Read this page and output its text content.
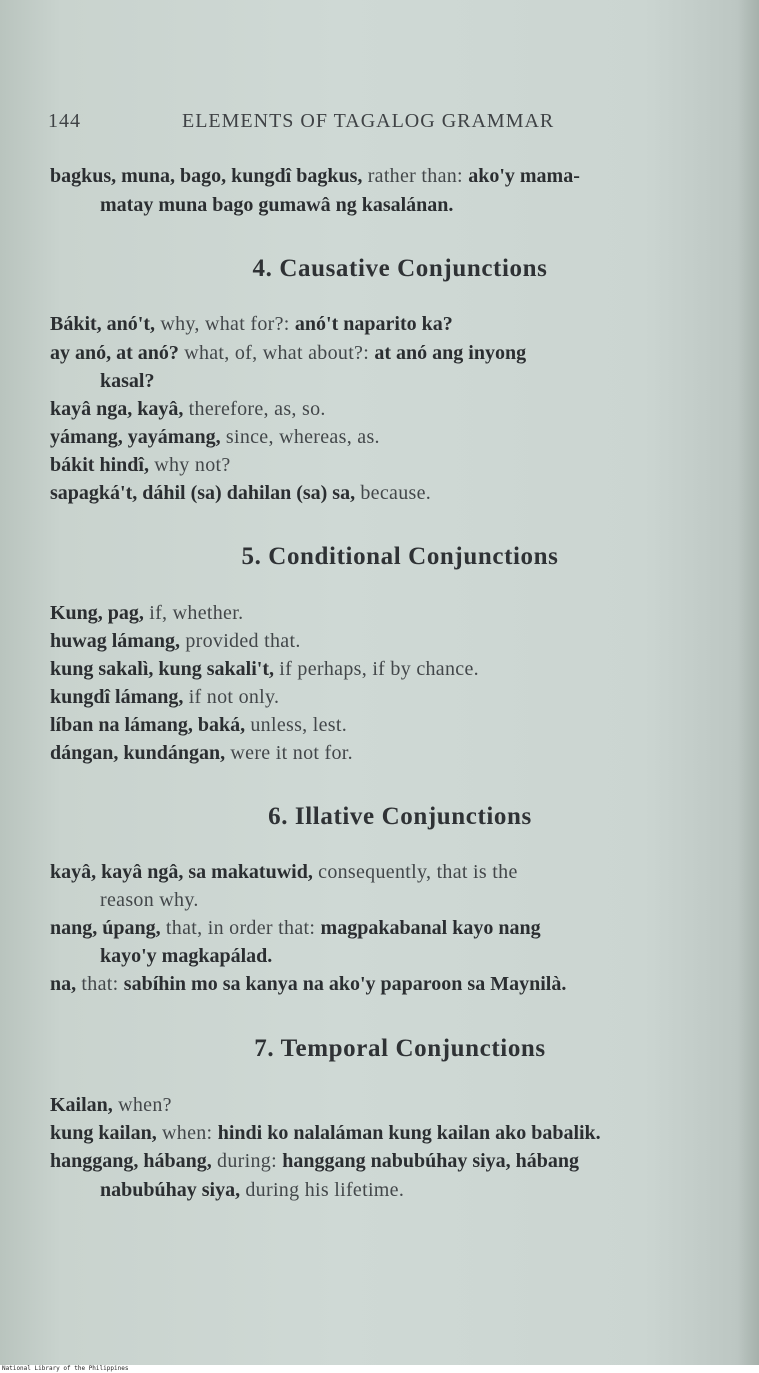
144	ELEMENTS OF TAGALOG GRAMMAR
bagkus, muna, bago, kungdî bagkus, rather than: ako'y mama-
matay muna bago gumawâ ng kasalánan.
4. Causative Conjunctions
Bákit, anó't, why, what for?: anó't naparito ka?
ay anó, at anó? what, of, what about?: at anó ang inyong
kasal?
kayâ nga, kayâ, therefore, as, so.
yámang, yayámang, since, whereas, as.
bákit hindî, why not?
sapagká't, dáhil (sa) dahilan (sa) sa, because.
5. Conditional Conjunctions
Kung, pag, if, whether.
huwag lámang, provided that.
kung sakalì, kung sakali't, if perhaps, if by chance.
kungdî lámang, if not only.
líban na lámang, baká, unless, lest.
dángan, kundángan, were it not for.
6. Illative Conjunctions
kayâ, kayâ ngâ, sa makatuwid, consequently, that is the
reason why.
nang, úpang, that, in order that: magpakabanal kayo nang
kayo'y magkapálad.
na, that: sabíhin mo sa kanya na ako'y paparoon sa Maynilà.
7. Temporal Conjunctions
Kailan, when?
kung kailan, when: hindi ko nalaláman kung kailan ako babalik.
hanggang, hábang, during: hanggang nabubúhay siya, hábang
nabubúhay siya, during his lifetime.
National Library of the Philippines
